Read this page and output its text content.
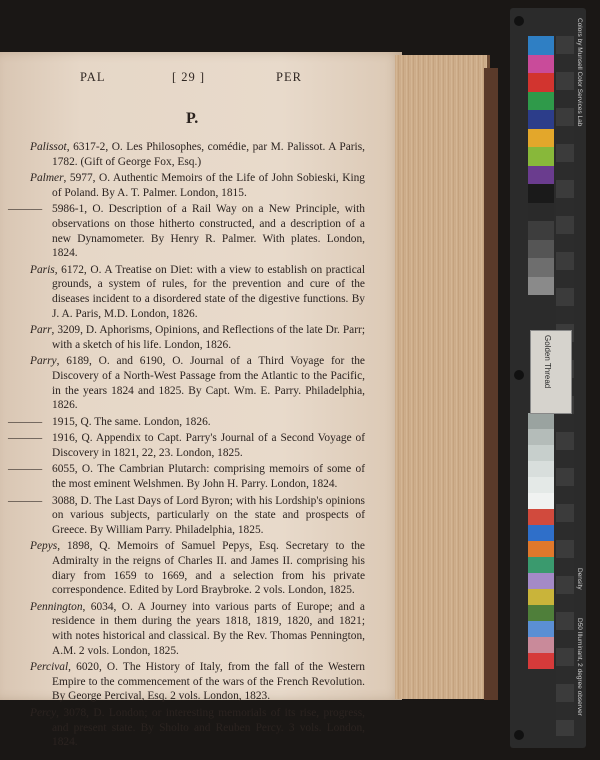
PAL	[ 29 ]	PER
P.

Palissot, 6317-2, O. Les Philosophes, comédie, par M. Palissot. A Paris, 1782. (Gift of George Fox, Esq.)

Palmer, 5977, O. Authentic Memoirs of the Life of John Sobieski, King of Poland. By A. T. Palmer. London, 1815.

———5986-1, O. Description of a Rail Way on a New Principle, with observations on those hitherto constructed, and a description of a new Dynamometer. By Henry R. Palmer. With plates. London, 1824.

Paris, 6172, O. A Treatise on Diet: with a view to establish on practical grounds, a system of rules, for the prevention and cure of the diseases incident to a disordered state of the digestive functions. By J. A. Paris, M.D. London, 1826.

Parr, 3209, D. Aphorisms, Opinions, and Reflections of the late Dr. Parr; with a sketch of his life. London, 1826.

Parry, 6189, O. and 6190, O. Journal of a Third Voyage for the Discovery of a North-West Passage from the Atlantic to the Pacific, in the years 1824 and 1825. By Capt. Wm. E. Parry. Philadelphia, 1826.

———1915, Q. The same. London, 1826.

———1916, Q. Appendix to Capt. Parry's Journal of a Second Voyage of Discovery in 1821, 22, 23. London, 1825.

———6055, O. The Cambrian Plutarch: comprising memoirs of some of the most eminent Welshmen. By John H. Parry. London, 1824.

———3088, D. The Last Days of Lord Byron; with his Lordship's opinions on various subjects, particularly on the state and prospects of Greece. By William Parry. Philadelphia, 1825.

Pepys, 1898, Q. Memoirs of Samuel Pepys, Esq. Secretary to the Admiralty in the reigns of Charles II. and James II. comprising his diary from 1659 to 1669, and a selection from his private correspondence. Edited by Lord Braybroke. 2 vols. London, 1825.

Pennington, 6034, O. A Journey into various parts of Europe; and a residence in them during the years 1818, 1819, 1820, and 1821; with notes historical and classical. By the Rev. Thomas Pennington, A.M. 2 vols. London, 1825.

Percival, 6020, O. The History of Italy, from the fall of the Western Empire to the commencement of the wars of the French Revolution. By George Percival, Esq. 2 vols. London, 1823.

Percy, 3078, D. London; or interesting memorials of its rise, progress, and present state. By Sholto and Reuben Percy. 3 vols. London, 1824.

Colors by Munsell Color Services Lab
Density
D50 Illuminant, 2 degree observer
Golden Thread
